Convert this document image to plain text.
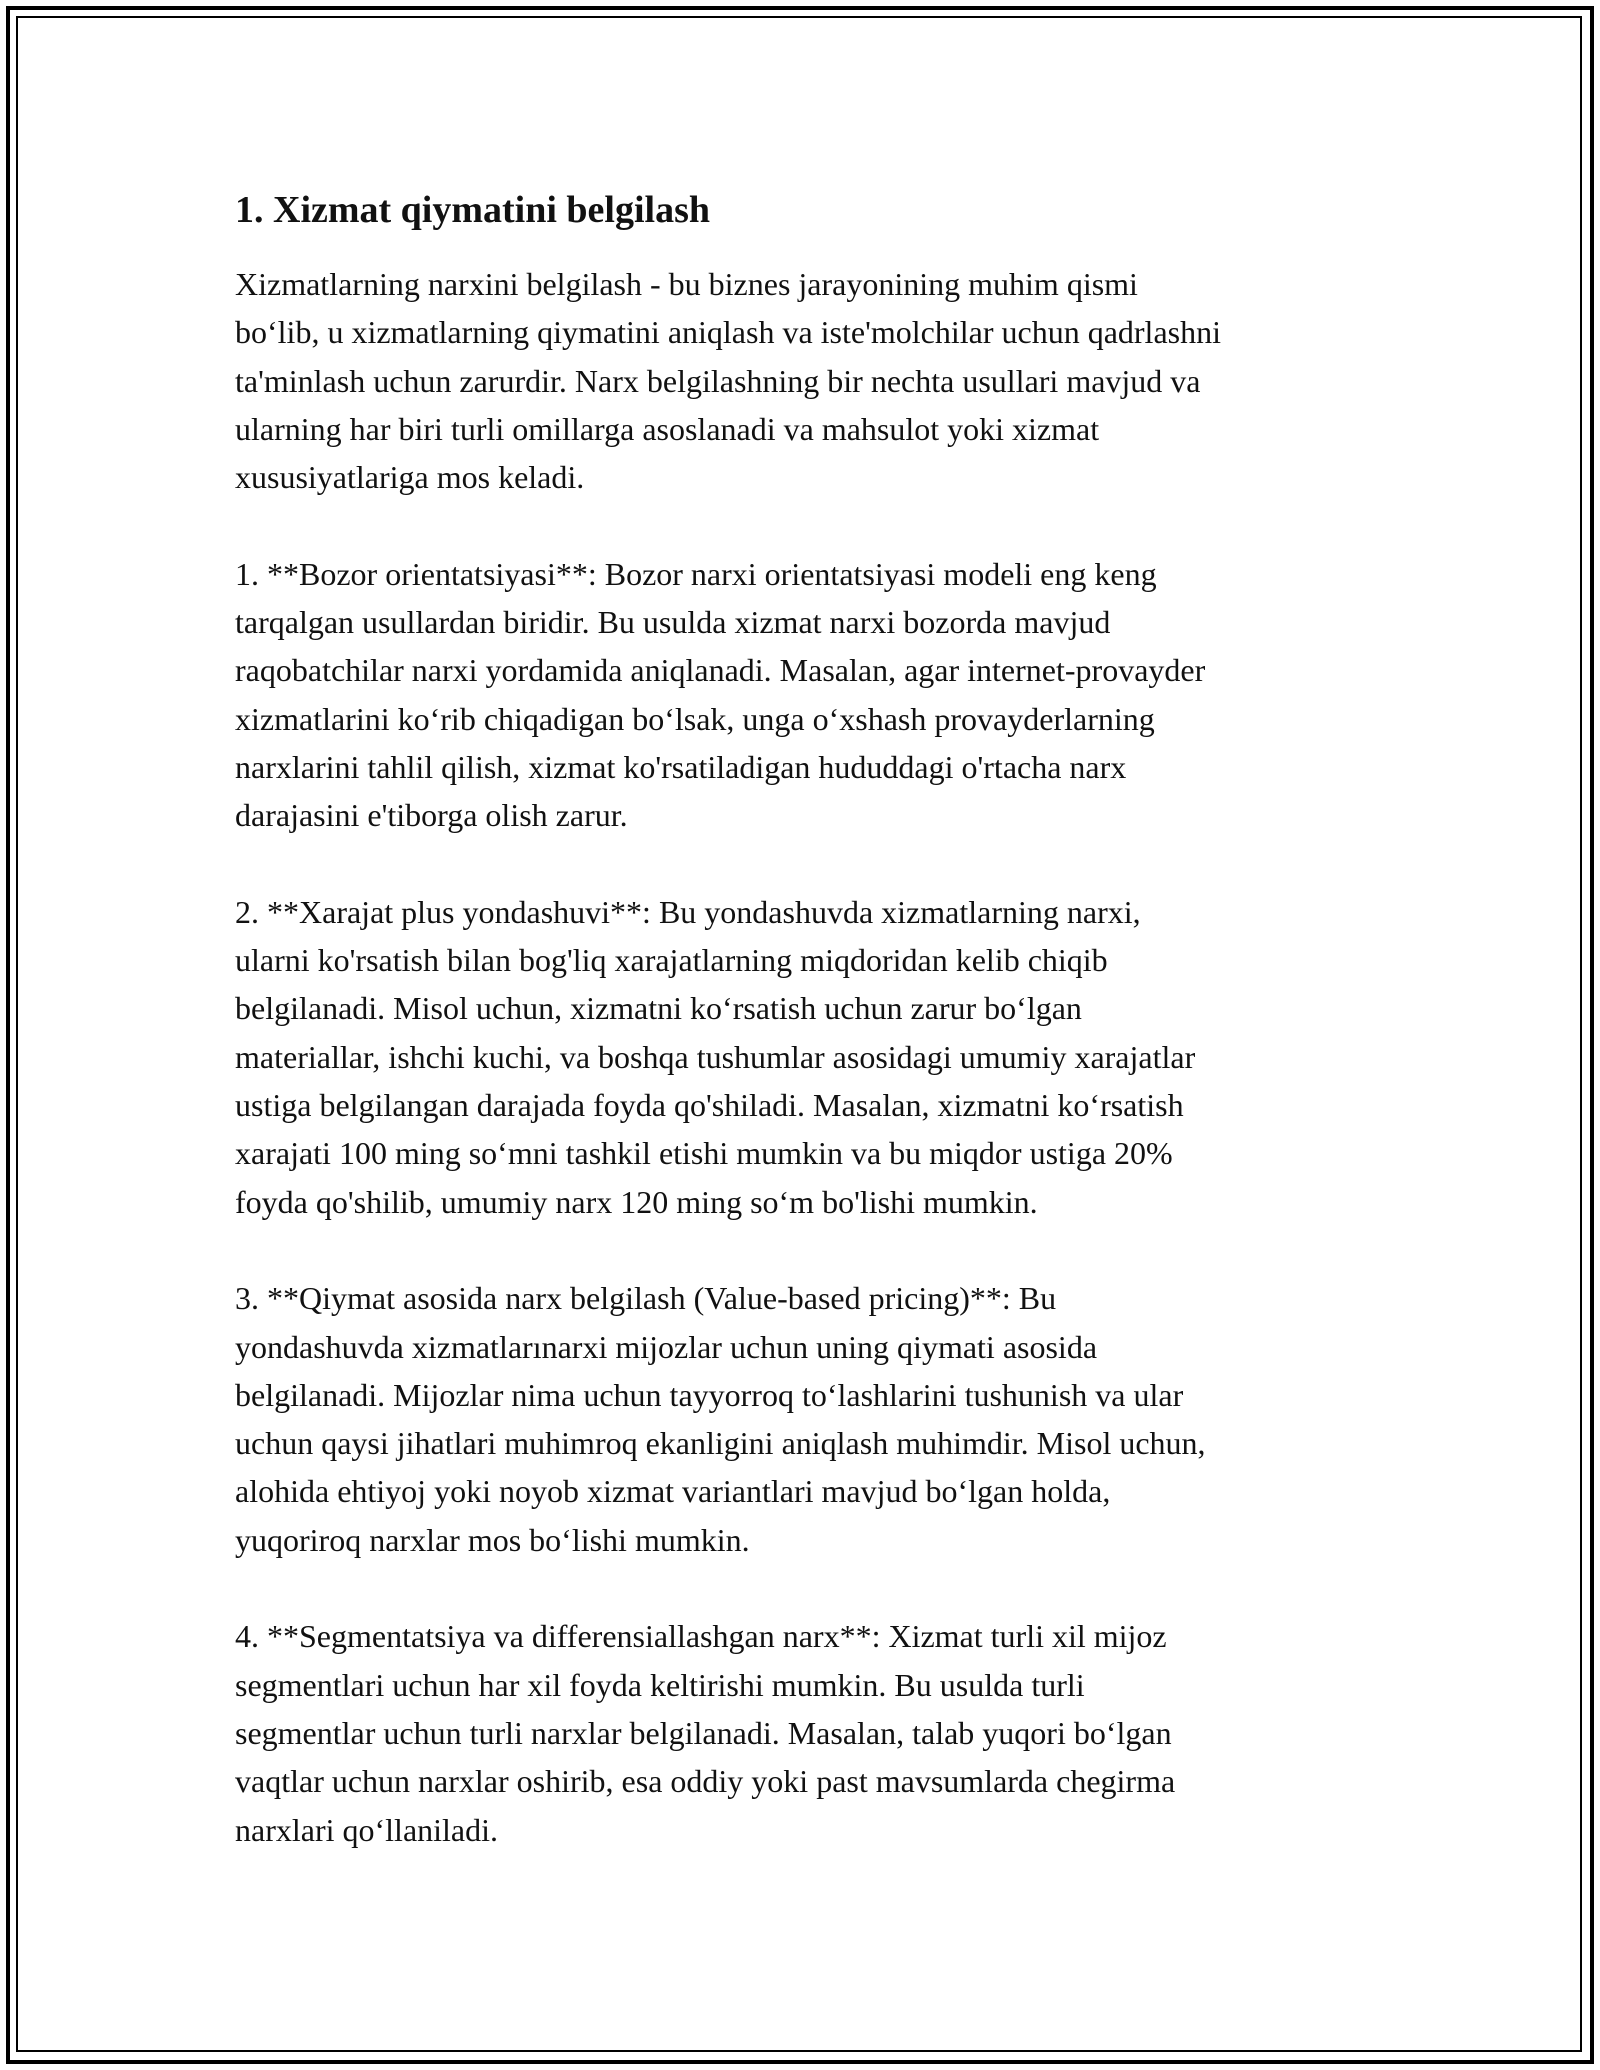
1. Xizmat qiymatini belgilash

Xizmatlarning narxini belgilash - bu biznes jarayonining muhim qismi
bo‘lib, u xizmatlarning qiymatini aniqlash va iste'molchilar uchun qadrlashni
ta'minlash uchun zarurdir. Narx belgilashning bir nechta usullari mavjud va
ularning har biri turli omillarga asoslanadi va mahsulot yoki xizmat
xususiyatlariga mos keladi.

1. **Bozor orientatsiyasi**: Bozor narxi orientatsiyasi modeli eng keng
tarqalgan usullardan biridir. Bu usulda xizmat narxi bozorda mavjud
raqobatchilar narxi yordamida aniqlanadi. Masalan, agar internet-provayder
xizmatlarini ko‘rib chiqadigan bo‘lsak, unga o‘xshash provayderlarning
narxlarini tahlil qilish, xizmat ko'rsatiladigan hududdagi o'rtacha narx
darajasini e'tiborga olish zarur.

2. **Xarajat plus yondashuvi**: Bu yondashuvda xizmatlarning narxi,
ularni ko'rsatish bilan bog'liq xarajatlarning miqdoridan kelib chiqib
belgilanadi. Misol uchun, xizmatni ko‘rsatish uchun zarur bo‘lgan
materiallar, ishchi kuchi, va boshqa tushumlar asosidagi umumiy xarajatlar
ustiga belgilangan darajada foyda qo'shiladi. Masalan, xizmatni ko‘rsatish
xarajati 100 ming so‘mni tashkil etishi mumkin va bu miqdor ustiga 20%
foyda qo'shilib, umumiy narx 120 ming so‘m bo'lishi mumkin.

3. **Qiymat asosida narx belgilash (Value-based pricing)**: Bu
yondashuvda xizmatlarınarxi mijozlar uchun uning qiymati asosida
belgilanadi. Mijozlar nima uchun tayyorroq to‘lashlarini tushunish va ular
uchun qaysi jihatlari muhimroq ekanligini aniqlash muhimdir. Misol uchun,
alohida ehtiyoj yoki noyob xizmat variantlari mavjud bo‘lgan holda,
yuqoriroq narxlar mos bo‘lishi mumkin.

4. **Segmentatsiya va differensiallashgan narx**: Xizmat turli xil mijoz
segmentlari uchun har xil foyda keltirishi mumkin. Bu usulda turli
segmentlar uchun turli narxlar belgilanadi. Masalan, talab yuqori bo‘lgan
vaqtlar uchun narxlar oshirib, esa oddiy yoki past mavsumlarda chegirma
narxlari qo‘llaniladi.
